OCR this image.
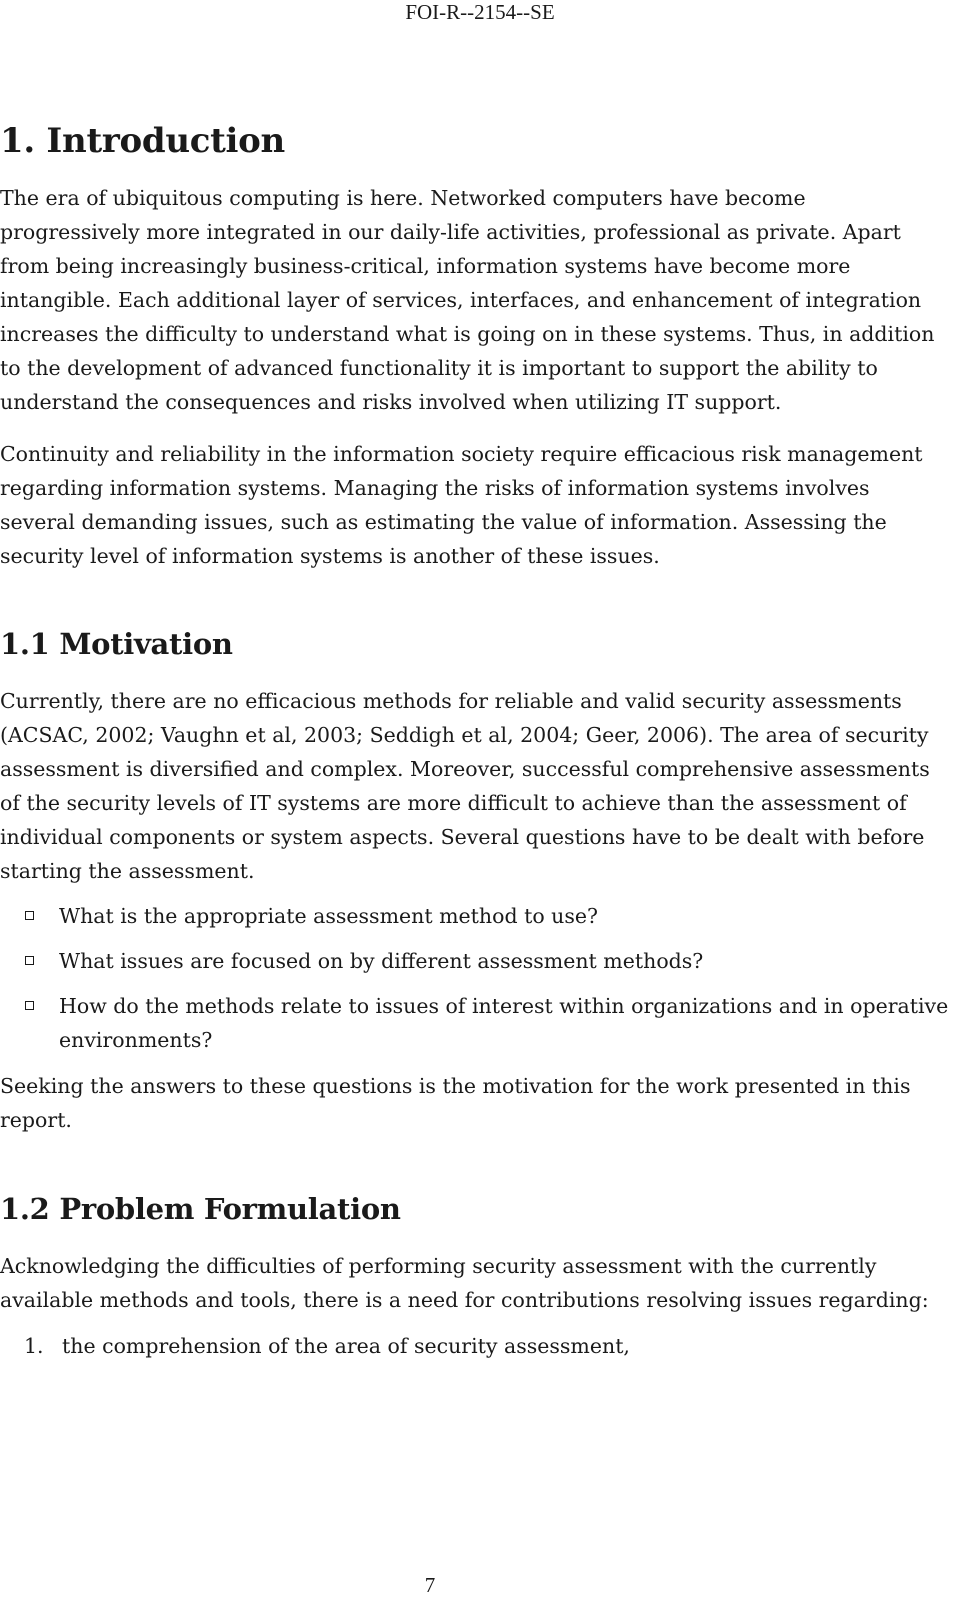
FOI-R--2154--SE
1. Introduction

The era of ubiquitous computing is here. Networked computers have become progressively more integrated in our daily-life activities, professional as private. Apart from being increasingly business-critical, information systems have become more intangible. Each additional layer of services, interfaces, and enhancement of integration increases the difficulty to understand what is going on in these systems. Thus, in addition to the development of advanced functionality it is important to support the ability to understand the consequences and risks involved when utilizing IT support.

Continuity and reliability in the information society require efficacious risk management regarding information systems. Managing the risks of information systems involves several demanding issues, such as estimating the value of information. Assessing the security level of information systems is another of these issues.

1.1 Motivation

Currently, there are no efficacious methods for reliable and valid security assessments (ACSAC, 2002; Vaughn et al, 2003; Seddigh et al, 2004; Geer, 2006). The area of security assessment is diversified and complex. Moreover, successful comprehensive assessments of the security levels of IT systems are more difficult to achieve than the assessment of individual components or system aspects. Several questions have to be dealt with before starting the assessment.

What is the appropriate assessment method to use?
What issues are focused on by different assessment methods?
How do the methods relate to issues of interest within organizations and in operative environments?

Seeking the answers to these questions is the motivation for the work presented in this report.

1.2 Problem Formulation

Acknowledging the difficulties of performing security assessment with the currently available methods and tools, there is a need for contributions resolving issues regarding:

1. the comprehension of the area of security assessment,
7
